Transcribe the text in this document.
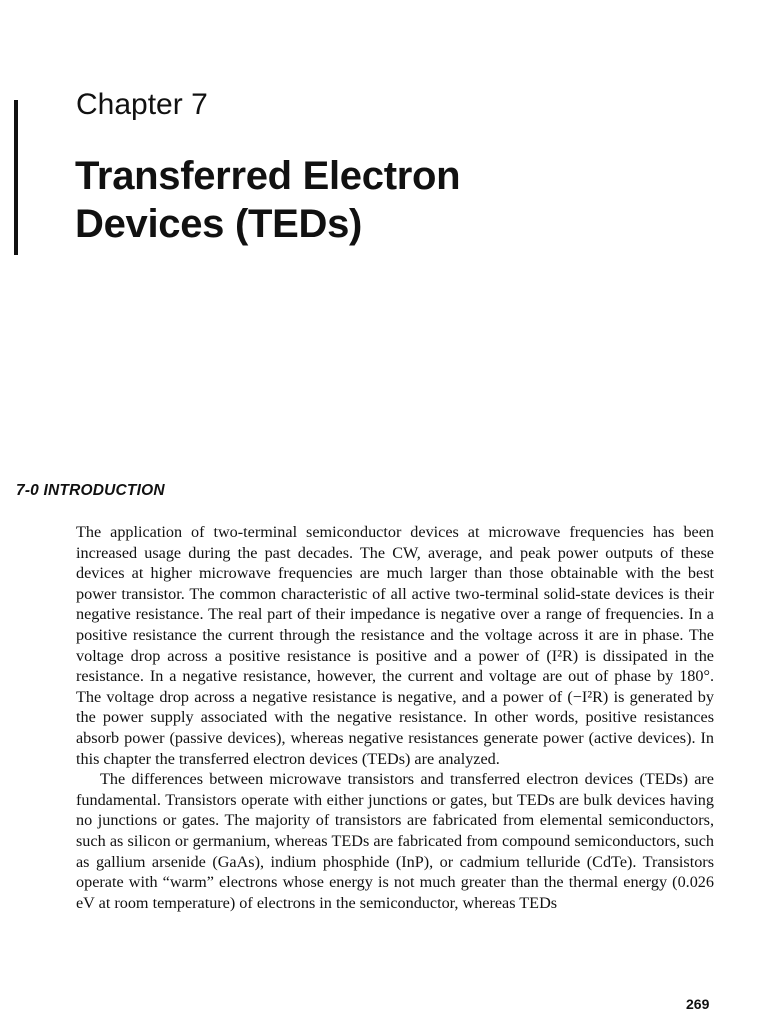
Chapter 7
Transferred Electron
Devices (TEDs)
7-0 INTRODUCTION

The application of two-terminal semiconductor devices at microwave frequencies has been increased usage during the past decades. The CW, average, and peak power outputs of these devices at higher microwave frequencies are much larger than those obtainable with the best power transistor. The common characteristic of all active two-terminal solid-state devices is their negative resistance. The real part of their impedance is negative over a range of frequencies. In a positive resistance the current through the resistance and the voltage across it are in phase. The voltage drop across a positive resistance is positive and a power of (I²R) is dissipated in the resistance. In a negative resistance, however, the current and voltage are out of phase by 180°. The voltage drop across a negative resistance is negative, and a power of (−I²R) is generated by the power supply associated with the negative resistance. In other words, positive resistances absorb power (passive devices), whereas negative resistances generate power (active devices). In this chapter the transferred electron devices (TEDs) are analyzed.

The differences between microwave transistors and transferred electron devices (TEDs) are fundamental. Transistors operate with either junctions or gates, but TEDs are bulk devices having no junctions or gates. The majority of transistors are fabricated from elemental semiconductors, such as silicon or germanium, whereas TEDs are fabricated from compound semiconductors, such as gallium arsenide (GaAs), indium phosphide (InP), or cadmium telluride (CdTe). Transistors operate with “warm” electrons whose energy is not much greater than the thermal energy (0.026 eV at room temperature) of electrons in the semiconductor, whereas TEDs

269
